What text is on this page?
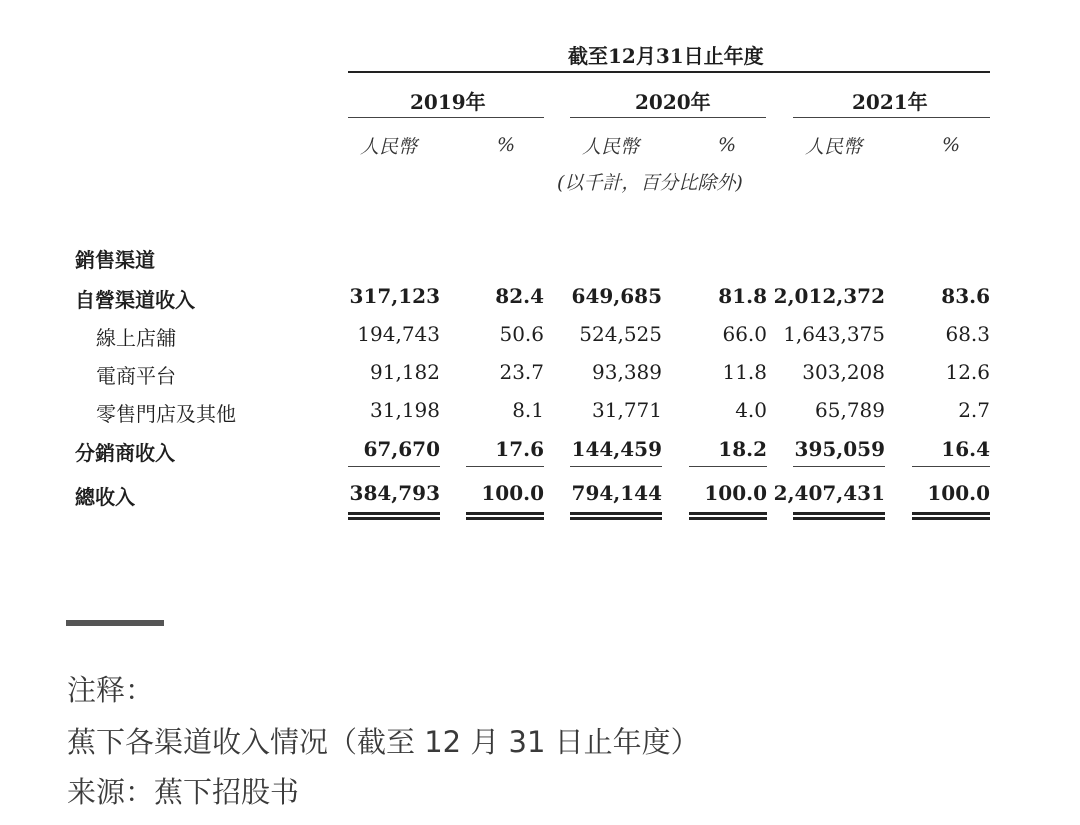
截至12月31日止年度
2019年	2020年	2021年
人民幣	%	人民幣	%	人民幣	%
(以千計，百分比除外)
銷售渠道
自營渠道收入	317,123	82.4 649,685	81.8 2,012,372	83.6
線上店舖	194,743	50.6 524,525	66.0 1,643,375	68.3
電商平台	91,182	23.7 93,389	11.8 303,208	12.6
零售門店及其他	31,198	8.1 31,771	4.0 65,789	2.7
分銷商收入	67,670	17.6 144,459	18.2 395,059	16.4
總收入	384,793 100.0 794,144 100.0 2,407,431 100.0
注释：
蕉下各渠道收入情况（截至 12 月 31 日止年度）
来源：蕉下招股书
